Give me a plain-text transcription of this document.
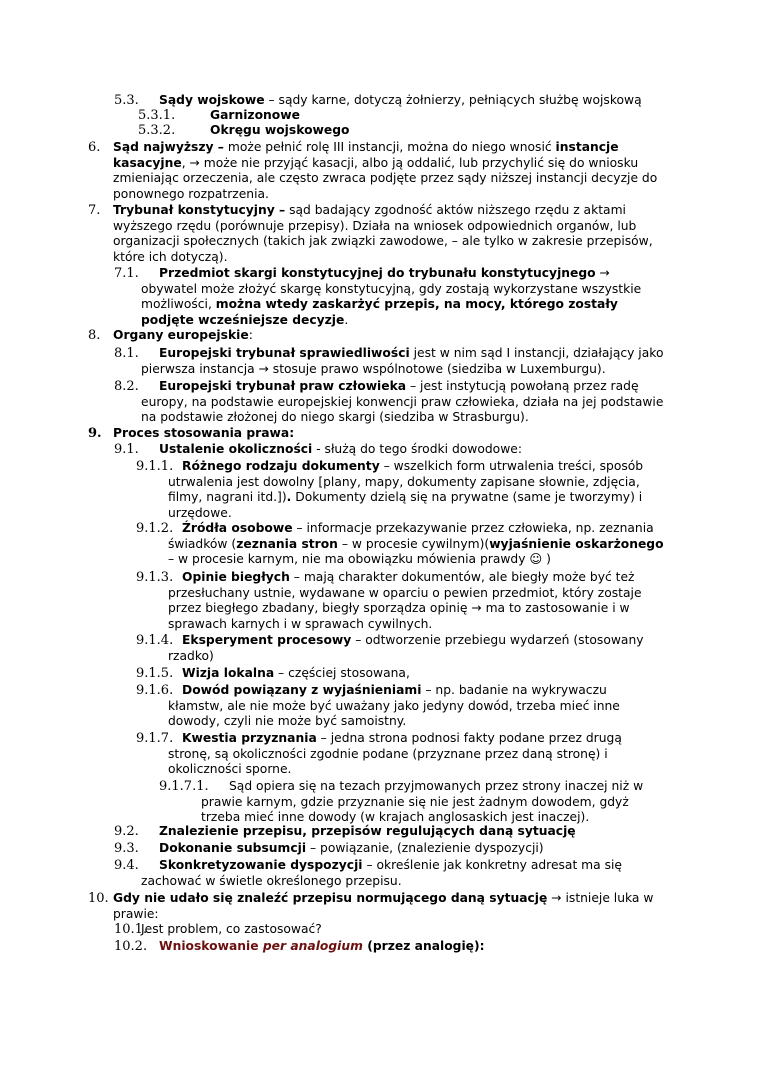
5.3. Sądy wojskowe – sądy karne, dotyczą żołnierzy, pełniących służbę wojskową
5.3.1.	Garnizonowe
5.3.2.	Okręgu wojskowego
6. Sąd najwyższy – może pełnić rolę III instancji, można do niego wnosić instancje kasacyjne, → może nie przyjąć kasacji, albo ją oddalić, lub przychylić się do wniosku zmieniając orzeczenia, ale często zwraca podjęte przez sądy niższej instancji decyzje do ponownego rozpatrzenia.
7. Trybunał konstytucyjny – sąd badający zgodność aktów niższego rzędu z aktami wyższego rzędu (porównuje przepisy). Działa na wniosek odpowiednich organów, lub organizacji społecznych (takich jak związki zawodowe, – ale tylko w zakresie przepisów, które ich dotyczą).
7.1. Przedmiot skargi konstytucyjnej do trybunału konstytucyjnego → obywatel może złożyć skargę konstytucyjną, gdy zostają wykorzystane wszystkie możliwości, można wtedy zaskarżyć przepis, na mocy, którego zostały podjęte wcześniejsze decyzje.
8. Organy europejskie:
8.1. Europejski trybunał sprawiedliwości jest w nim sąd I instancji, działający jako pierwsza instancja → stosuje prawo wspólnotowe (siedziba w Luxemburgu).
8.2. Europejski trybunał praw człowieka – jest instytucją powołaną przez radę europy, na podstawie europejskiej konwencji praw człowieka, działa na jej podstawie na podstawie złożonej do niego skargi (siedziba w Strasburgu).
9. Proces stosowania prawa:
9.1. Ustalenie okoliczności - służą do tego środki dowodowe:
9.1.1. Różnego rodzaju dokumenty – wszelkich form utrwalenia treści, sposób utrwalenia jest dowolny [plany, mapy, dokumenty zapisane słownie, zdjęcia, filmy, nagrani itd.]). Dokumenty dzielą się na prywatne (same je tworzymy) i urzędowe.
9.1.2. Źródła osobowe – informacje przekazywanie przez człowieka, np. zeznania świadków (zeznania stron – w procesie cywilnym)(wyjaśnienie oskarżonego – w procesie karnym, nie ma obowiązku mówienia prawdy ☺ )
9.1.3. Opinie biegłych – mają charakter dokumentów, ale biegły może być też przesłuchany ustnie, wydawane w oparciu o pewien przedmiot, który zostaje przez biegłego zbadany, biegły sporządza opinię → ma to zastosowanie i w sprawach karnych i w sprawach cywilnych.
9.1.4. Eksperyment procesowy – odtworzenie przebiegu wydarzeń (stosowany rzadko)
9.1.5. Wizja lokalna – częściej stosowana,
9.1.6. Dowód powiązany z wyjaśnieniami – np. badanie na wykrywaczu kłamstw, ale nie może być uważany jako jedyny dowód, trzeba mieć inne dowody, czyli nie może być samoistny.
9.1.7. Kwestia przyznania – jedna strona podnosi fakty podane przez drugą stronę, są okoliczności zgodnie podane (przyznane przez daną stronę) i okoliczności sporne.
9.1.7.1. Sąd opiera się na tezach przyjmowanych przez strony inaczej niż w prawie karnym, gdzie przyznanie się nie jest żadnym dowodem, gdyż trzeba mieć inne dowody (w krajach anglosaskich jest inaczej).
9.2. Znalezienie przepisu, przepisów regulujących daną sytuację
9.3. Dokonanie subsumcji – powiązanie, (znalezienie dyspozycji)
9.4. Skonkretyzowanie dyspozycji – określenie jak konkretny adresat ma się zachować w świetle określonego przepisu.
10. Gdy nie udało się znaleźć przepisu normującego daną sytuację → istnieje luka w prawie:
10.1.
Jest problem, co zastosować?
10.2. Wnioskowanie per analogium (przez analogię):
